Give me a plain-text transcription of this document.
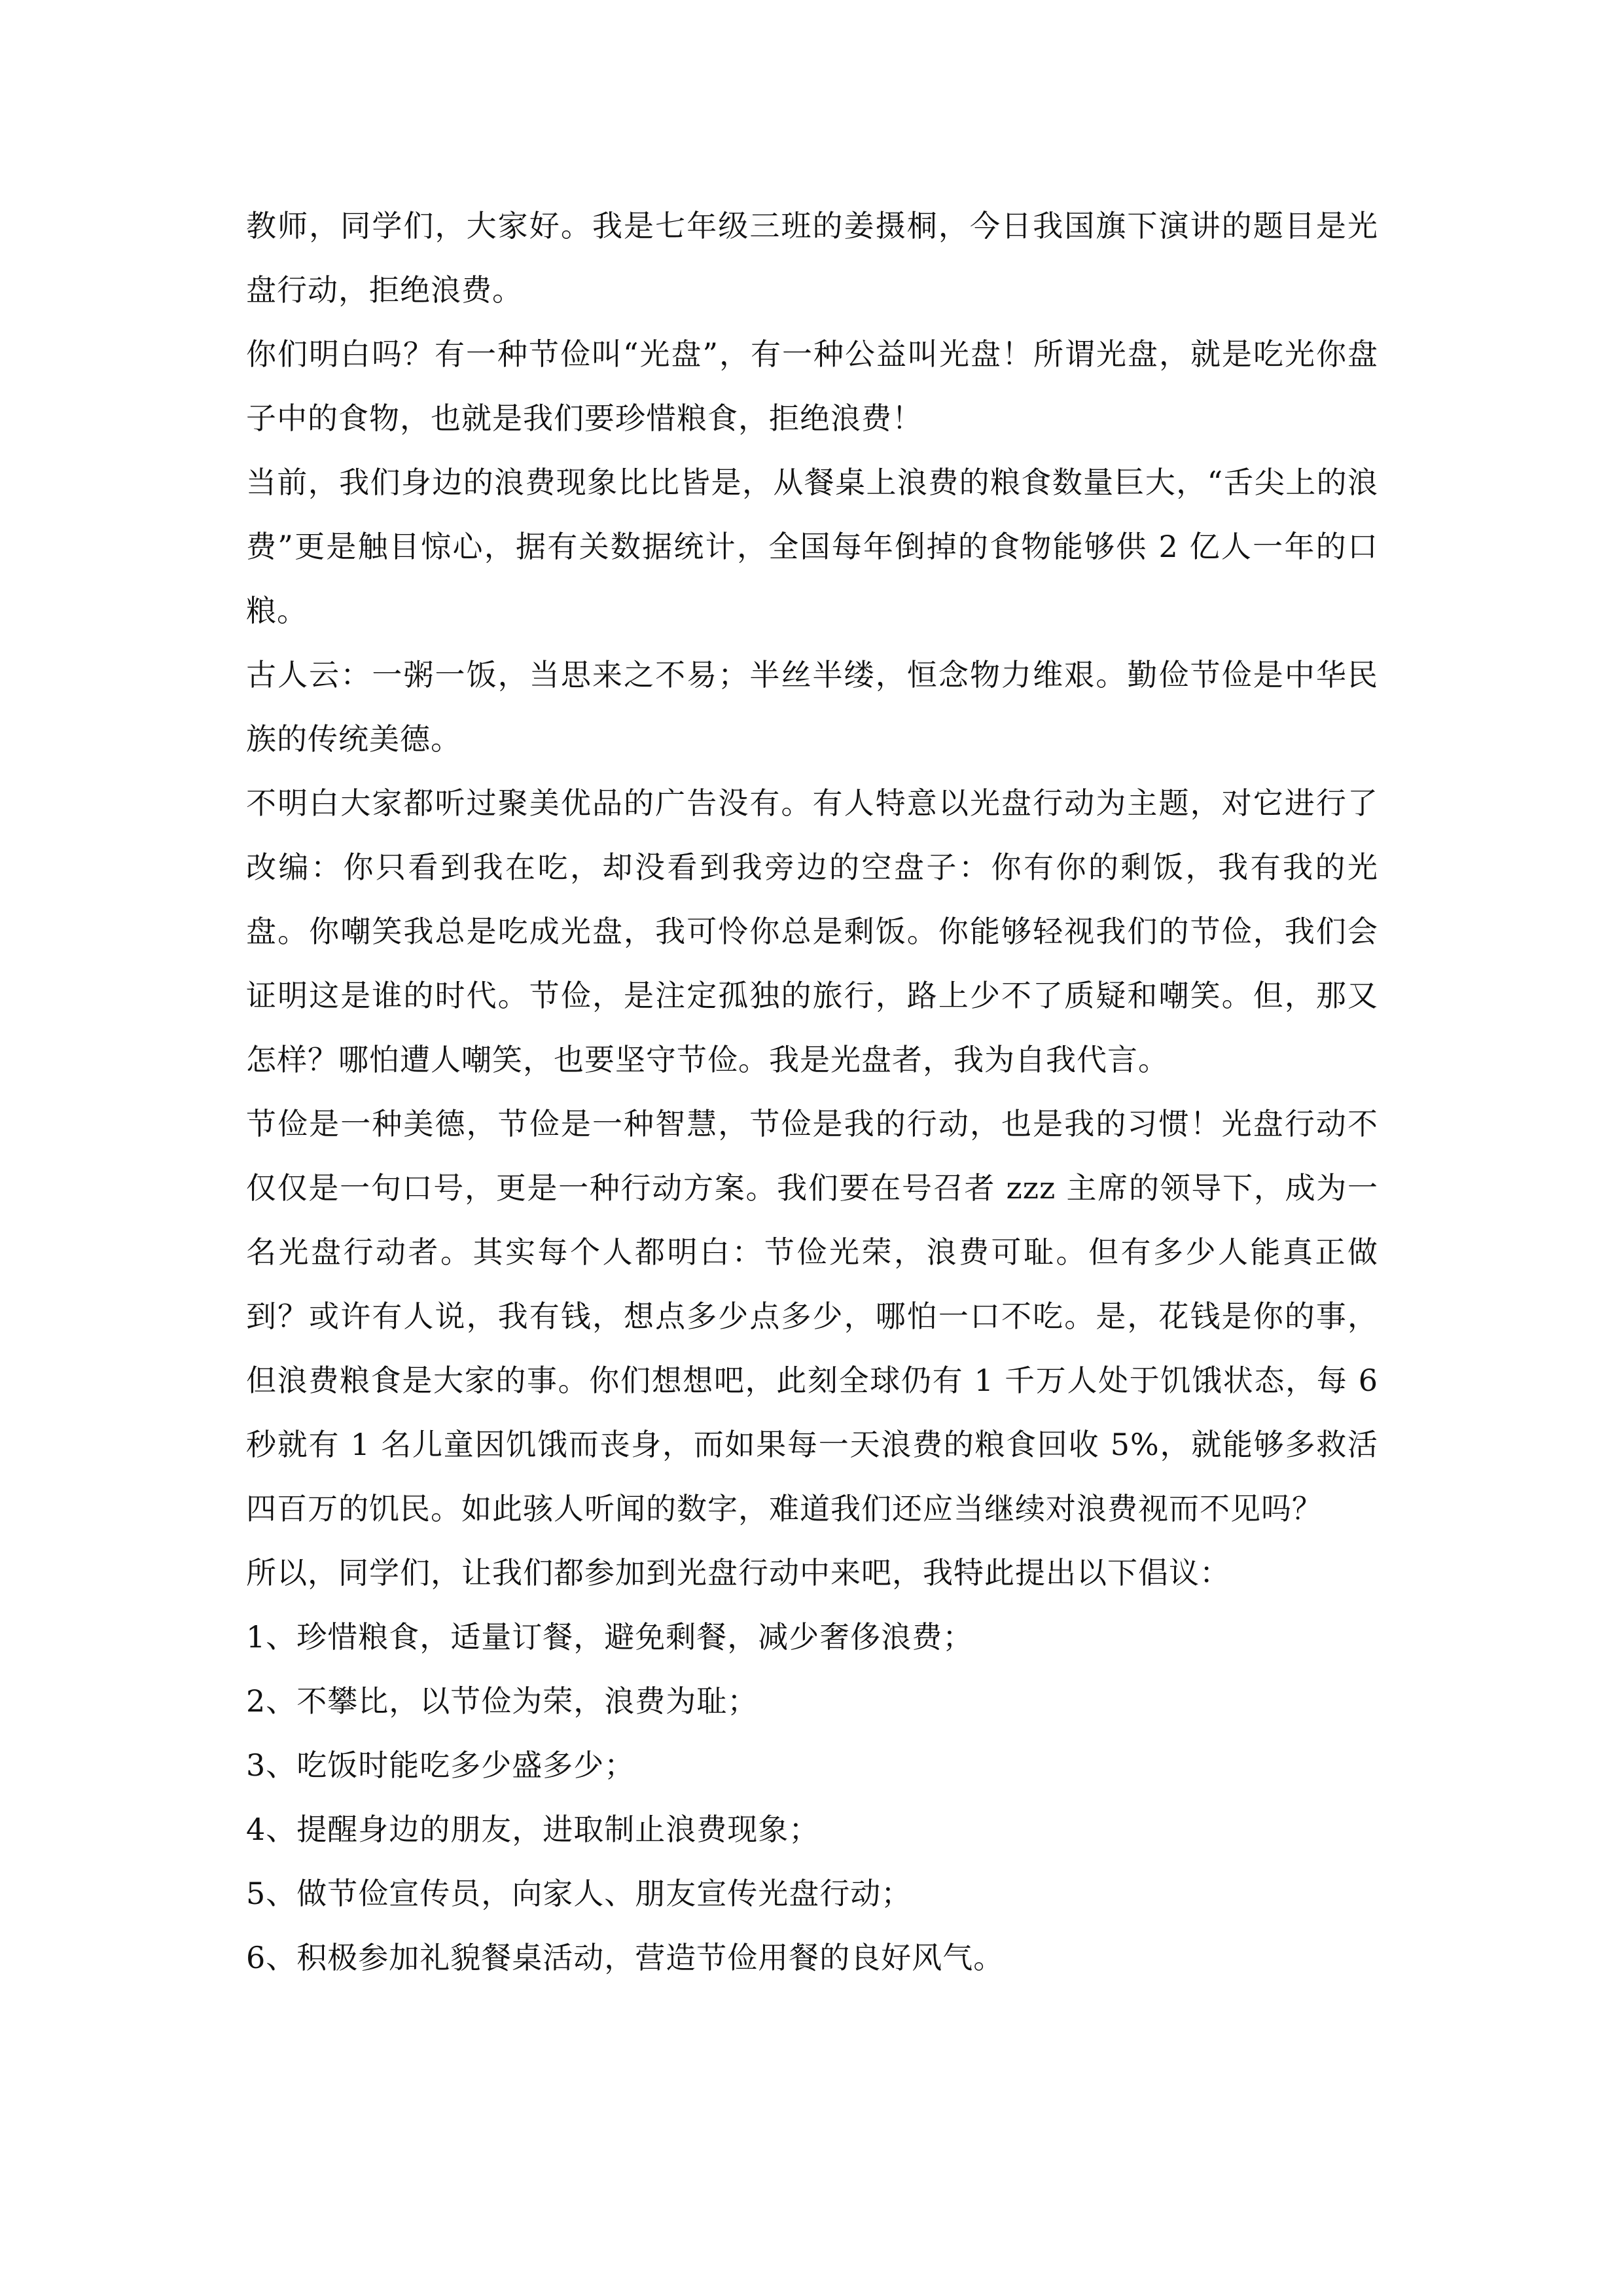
教师，同学们，大家好。我是七年级三班的姜摄桐，今日我国旗下演讲的题目是光盘行动，拒绝浪费。

你们明白吗？有一种节俭叫“光盘”，有一种公益叫光盘！所谓光盘，就是吃光你盘子中的食物，也就是我们要珍惜粮食，拒绝浪费！

当前，我们身边的浪费现象比比皆是，从餐桌上浪费的粮食数量巨大，“舌尖上的浪费”更是触目惊心，据有关数据统计，全国每年倒掉的食物能够供 2 亿人一年的口粮。

古人云：一粥一饭，当思来之不易；半丝半缕，恒念物力维艰。勤俭节俭是中华民族的传统美德。

不明白大家都听过聚美优品的广告没有。有人特意以光盘行动为主题，对它进行了改编：你只看到我在吃，却没看到我旁边的空盘子：你有你的剩饭，我有我的光盘。你嘲笑我总是吃成光盘，我可怜你总是剩饭。你能够轻视我们的节俭，我们会证明这是谁的时代。节俭，是注定孤独的旅行，路上少不了质疑和嘲笑。但，那又怎样？哪怕遭人嘲笑，也要坚守节俭。我是光盘者，我为自我代言。

节俭是一种美德，节俭是一种智慧，节俭是我的行动，也是我的习惯！光盘行动不仅仅是一句口号，更是一种行动方案。我们要在号召者 zzz 主席的领导下，成为一名光盘行动者。其实每个人都明白：节俭光荣，浪费可耻。但有多少人能真正做到？或许有人说，我有钱，想点多少点多少，哪怕一口不吃。是，花钱是你的事，但浪费粮食是大家的事。你们想想吧，此刻全球仍有 1 千万人处于饥饿状态，每 6 秒就有 1 名儿童因饥饿而丧身，而如果每一天浪费的粮食回收 5%，就能够多救活四百万的饥民。如此骇人听闻的数字，难道我们还应当继续对浪费视而不见吗？

所以，同学们，让我们都参加到光盘行动中来吧，我特此提出以下倡议：

1、珍惜粮食，适量订餐，避免剩餐，减少奢侈浪费；

2、不攀比，以节俭为荣，浪费为耻；

3、吃饭时能吃多少盛多少；

4、提醒身边的朋友，进取制止浪费现象；

5、做节俭宣传员，向家人、朋友宣传光盘行动；

6、积极参加礼貌餐桌活动，营造节俭用餐的良好风气。
